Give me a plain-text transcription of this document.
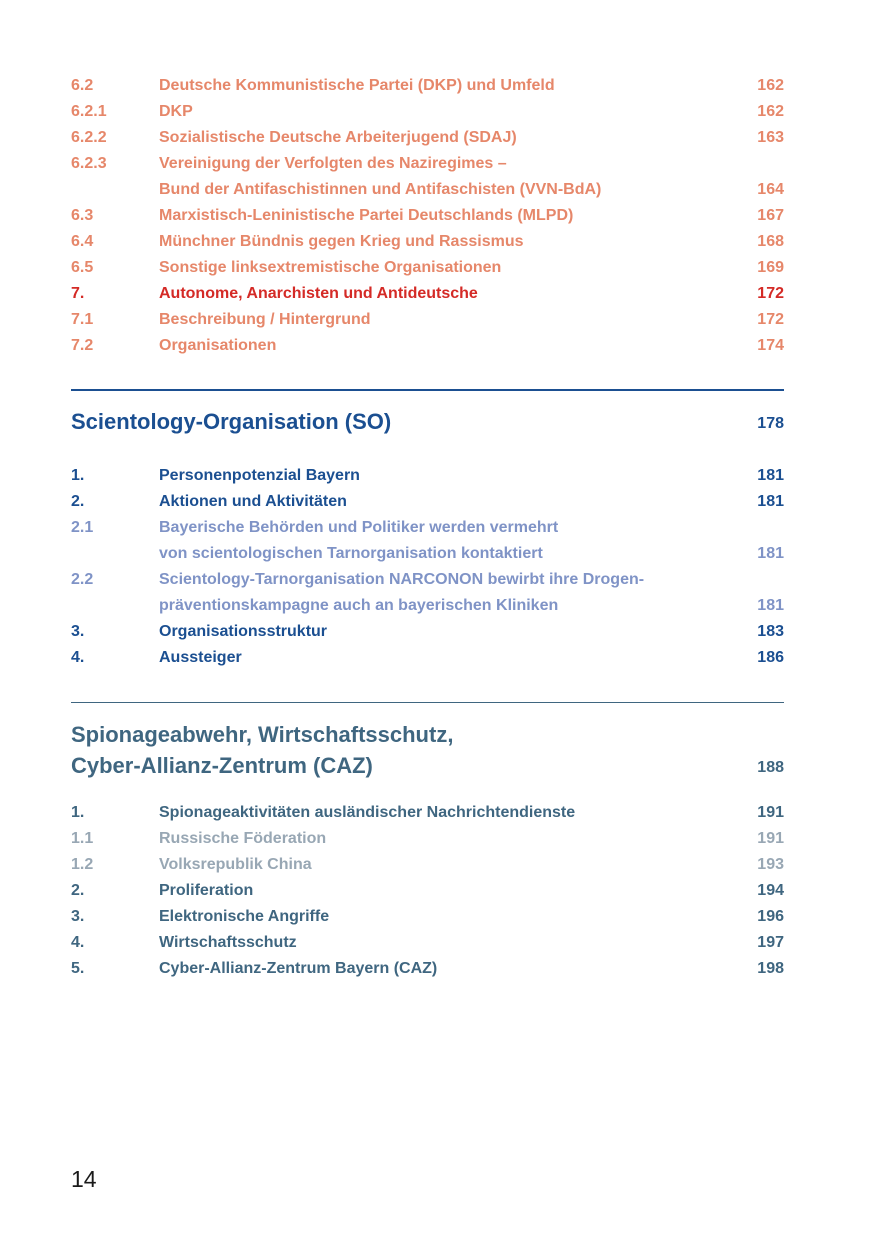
6.2	Deutsche Kommunistische Partei (DKP) und Umfeld	162
6.2.1	DKP	162
6.2.2	Sozialistische Deutsche Arbeiterjugend (SDAJ)	163
6.2.3	Vereinigung der Verfolgten des Naziregimes –
Bund der Antifaschistinnen und Antifaschisten (VVN-BdA)	164
6.3	Marxistisch-Leninistische Partei Deutschlands (MLPD)	167
6.4	Münchner Bündnis gegen Krieg und Rassismus	168
6.5	Sonstige linksextremistische Organisationen	169
7.	Autonome, Anarchisten und Antideutsche	172
7.1	Beschreibung / Hintergrund	172
7.2	Organisationen	174
Scientology-Organisation (SO)	178
1.	Personenpotenzial Bayern	181
2.	Aktionen und Aktivitäten	181
2.1	Bayerische Behörden und Politiker werden vermehrt
von scientologischen Tarnorganisation kontaktiert	181
2.2	Scientology-Tarnorganisation NARCONON bewirbt ihre Drogen-
präventionskampagne auch an bayerischen Kliniken	181
3.	Organisationsstruktur	183
4.	Aussteiger	186
Spionageabwehr, Wirtschaftsschutz,
Cyber-Allianz-Zentrum (CAZ)	188
1.	Spionageaktivitäten ausländischer Nachrichtendienste	191
1.1	Russische Föderation	191
1.2	Volksrepublik China	193
2.	Proliferation	194
3.	Elektronische Angriffe	196
4.	Wirtschaftsschutz	197
5.	Cyber-Allianz-Zentrum Bayern (CAZ)	198
14
